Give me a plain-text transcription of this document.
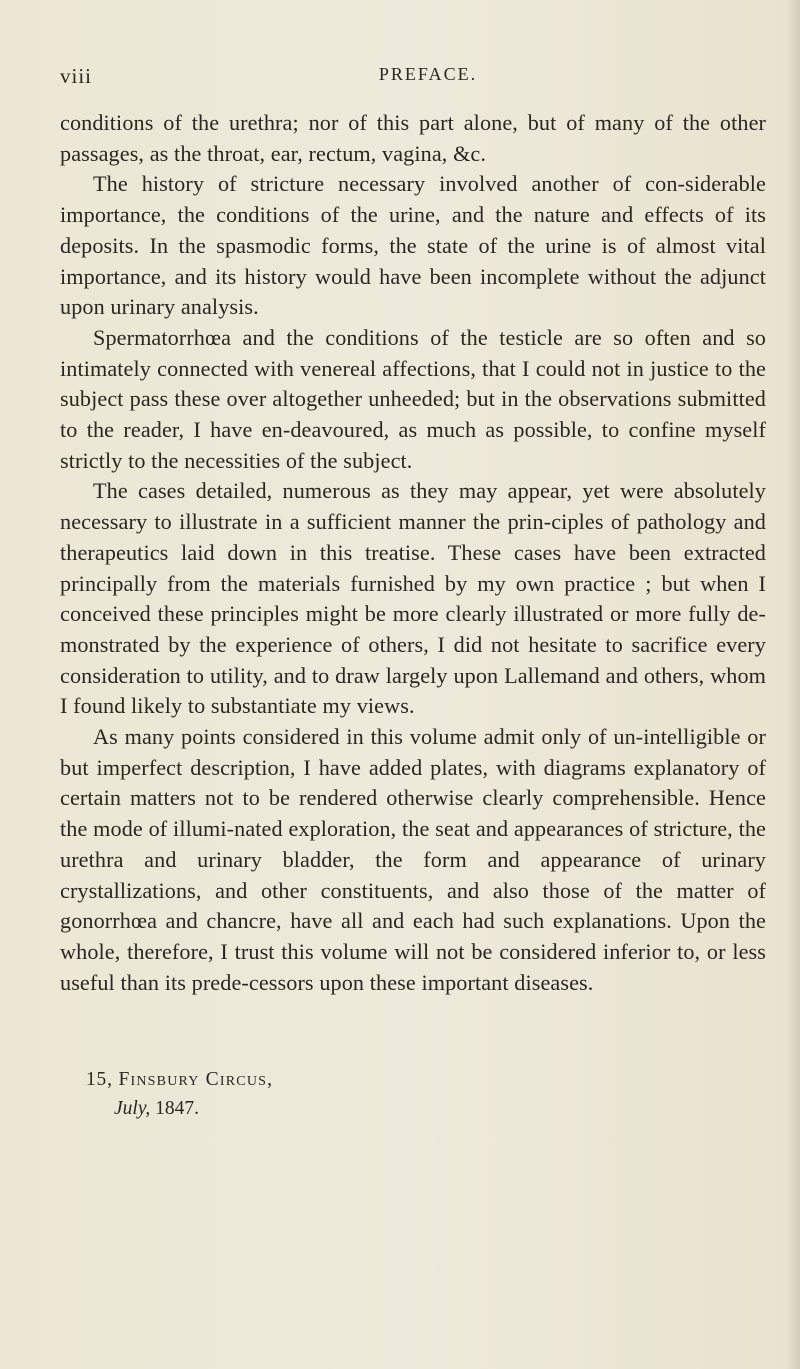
viii	PREFACE.

conditions of the urethra; nor of this part alone, but of many of the other passages, as the throat, ear, rectum, vagina, &c.

The history of stricture necessary involved another of con-siderable importance, the conditions of the urine, and the nature and effects of its deposits. In the spasmodic forms, the state of the urine is of almost vital importance, and its history would have been incomplete without the adjunct upon urinary analysis.

Spermatorrhœa and the conditions of the testicle are so often and so intimately connected with venereal affections, that I could not in justice to the subject pass these over altogether unheeded; but in the observations submitted to the reader, I have en-deavoured, as much as possible, to confine myself strictly to the necessities of the subject.

The cases detailed, numerous as they may appear, yet were absolutely necessary to illustrate in a sufficient manner the prin-ciples of pathology and therapeutics laid down in this treatise. These cases have been extracted principally from the materials furnished by my own practice ; but when I conceived these principles might be more clearly illustrated or more fully de-monstrated by the experience of others, I did not hesitate to sacrifice every consideration to utility, and to draw largely upon Lallemand and others, whom I found likely to substantiate my views.

As many points considered in this volume admit only of un-intelligible or but imperfect description, I have added plates, with diagrams explanatory of certain matters not to be rendered otherwise clearly comprehensible. Hence the mode of illumi-nated exploration, the seat and appearances of stricture, the urethra and urinary bladder, the form and appearance of urinary crystallizations, and other constituents, and also those of the matter of gonorrhœa and chancre, have all and each had such explanations. Upon the whole, therefore, I trust this volume will not be considered inferior to, or less useful than its prede-cessors upon these important diseases.

15, Finsbury Circus,
July, 1847.
